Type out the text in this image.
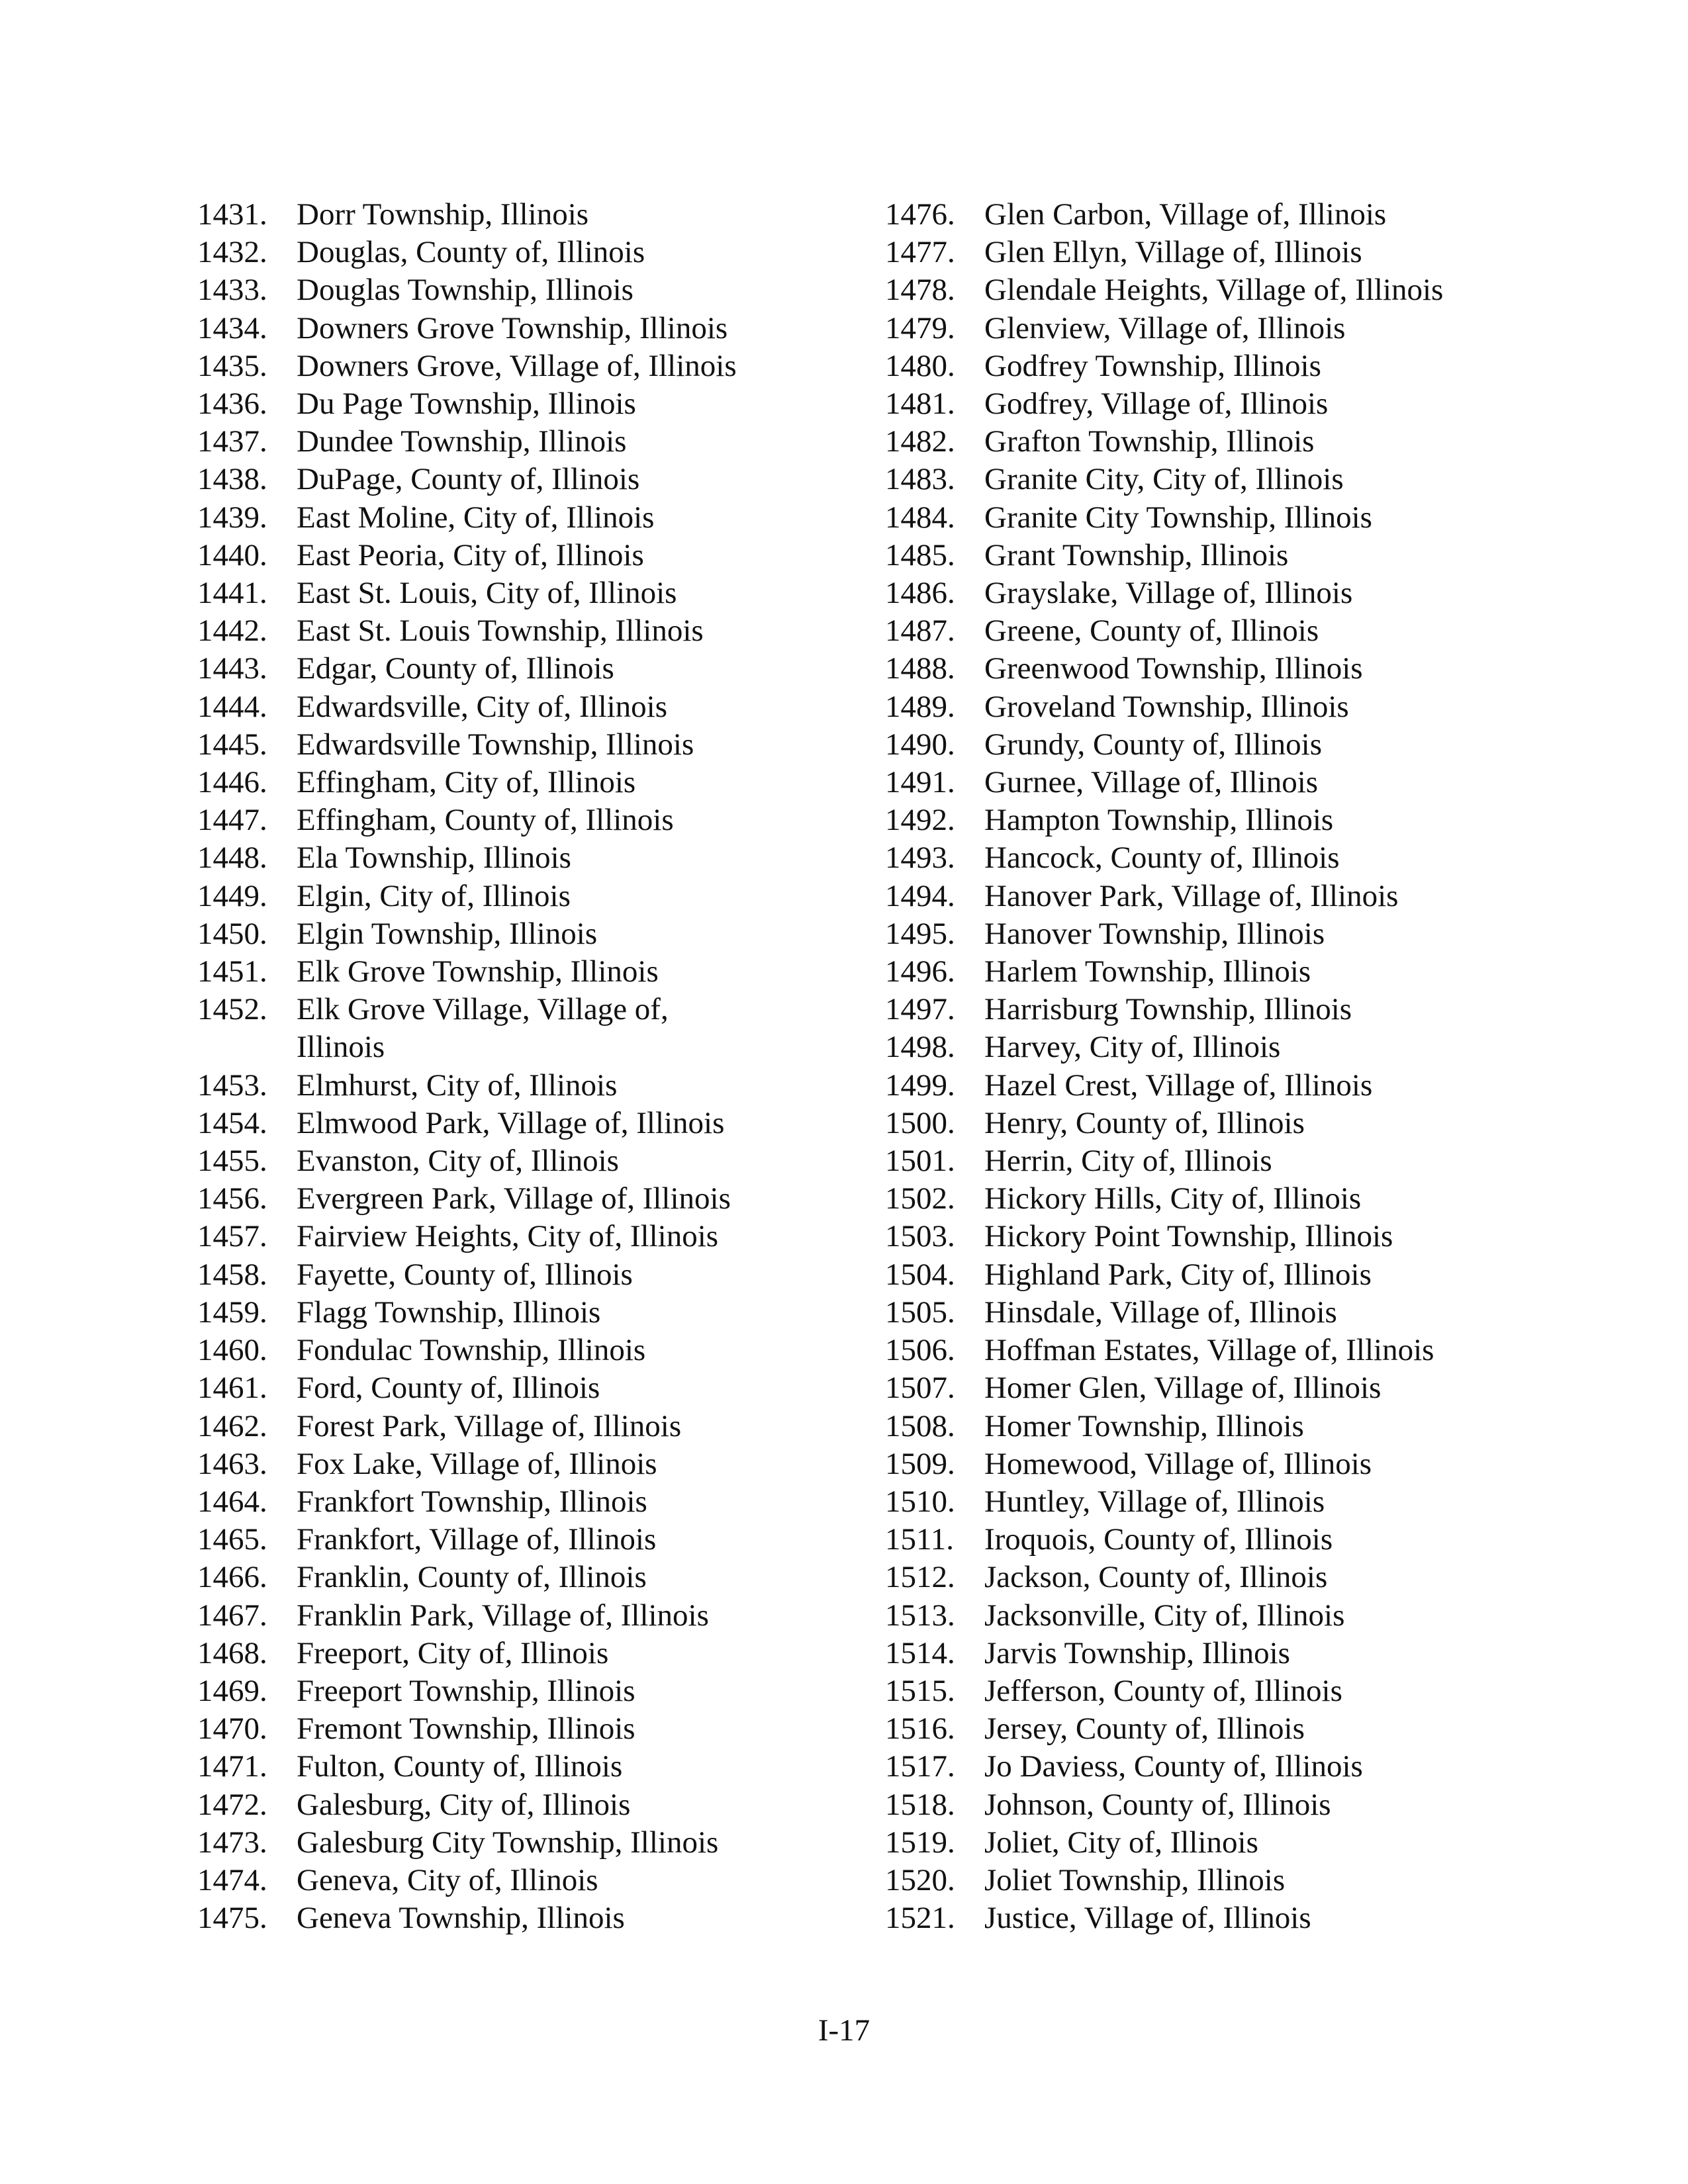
1431. Dorr Township, Illinois
1432. Douglas, County of, Illinois
1433. Douglas Township, Illinois
1434. Downers Grove Township, Illinois
1435. Downers Grove, Village of, Illinois
1436. Du Page Township, Illinois
1437. Dundee Township, Illinois
1438. DuPage, County of, Illinois
1439. East Moline, City of, Illinois
1440. East Peoria, City of, Illinois
1441. East St. Louis, City of, Illinois
1442. East St. Louis Township, Illinois
1443. Edgar, County of, Illinois
1444. Edwardsville, City of, Illinois
1445. Edwardsville Township, Illinois
1446. Effingham, City of, Illinois
1447. Effingham, County of, Illinois
1448. Ela Township, Illinois
1449. Elgin, City of, Illinois
1450. Elgin Township, Illinois
1451. Elk Grove Township, Illinois
1452. Elk Grove Village, Village of,
Illinois
1453. Elmhurst, City of, Illinois
1454. Elmwood Park, Village of, Illinois
1455. Evanston, City of, Illinois
1456. Evergreen Park, Village of, Illinois
1457. Fairview Heights, City of, Illinois
1458. Fayette, County of, Illinois
1459. Flagg Township, Illinois
1460. Fondulac Township, Illinois
1461. Ford, County of, Illinois
1462. Forest Park, Village of, Illinois
1463. Fox Lake, Village of, Illinois
1464. Frankfort Township, Illinois
1465. Frankfort, Village of, Illinois
1466. Franklin, County of, Illinois
1467. Franklin Park, Village of, Illinois
1468. Freeport, City of, Illinois
1469. Freeport Township, Illinois
1470. Fremont Township, Illinois
1471. Fulton, County of, Illinois
1472. Galesburg, City of, Illinois
1473. Galesburg City Township, Illinois
1474. Geneva, City of, Illinois
1475. Geneva Township, Illinois
1476. Glen Carbon, Village of, Illinois
1477. Glen Ellyn, Village of, Illinois
1478. Glendale Heights, Village of, Illinois
1479. Glenview, Village of, Illinois
1480. Godfrey Township, Illinois
1481. Godfrey, Village of, Illinois
1482. Grafton Township, Illinois
1483. Granite City, City of, Illinois
1484. Granite City Township, Illinois
1485. Grant Township, Illinois
1486. Grayslake, Village of, Illinois
1487. Greene, County of, Illinois
1488. Greenwood Township, Illinois
1489. Groveland Township, Illinois
1490. Grundy, County of, Illinois
1491. Gurnee, Village of, Illinois
1492. Hampton Township, Illinois
1493. Hancock, County of, Illinois
1494. Hanover Park, Village of, Illinois
1495. Hanover Township, Illinois
1496. Harlem Township, Illinois
1497. Harrisburg Township, Illinois
1498. Harvey, City of, Illinois
1499. Hazel Crest, Village of, Illinois
1500. Henry, County of, Illinois
1501. Herrin, City of, Illinois
1502. Hickory Hills, City of, Illinois
1503. Hickory Point Township, Illinois
1504. Highland Park, City of, Illinois
1505. Hinsdale, Village of, Illinois
1506. Hoffman Estates, Village of, Illinois
1507. Homer Glen, Village of, Illinois
1508. Homer Township, Illinois
1509. Homewood, Village of, Illinois
1510. Huntley, Village of, Illinois
1511. Iroquois, County of, Illinois
1512. Jackson, County of, Illinois
1513. Jacksonville, City of, Illinois
1514. Jarvis Township, Illinois
1515. Jefferson, County of, Illinois
1516. Jersey, County of, Illinois
1517. Jo Daviess, County of, Illinois
1518. Johnson, County of, Illinois
1519. Joliet, City of, Illinois
1520. Joliet Township, Illinois
1521. Justice, Village of, Illinois
I-17
